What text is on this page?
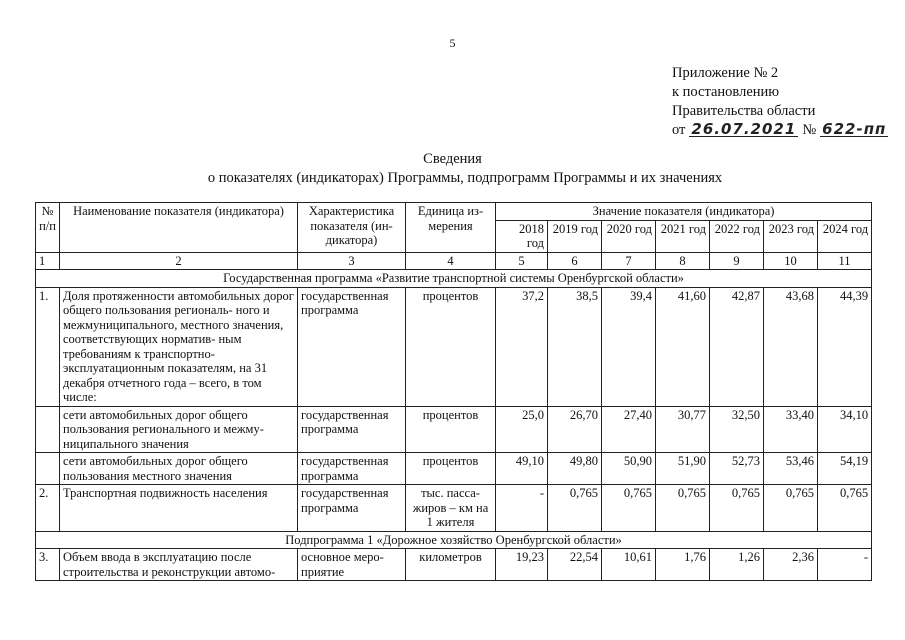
5
Приложение № 2
к постановлению
Правительства области
от 26.07.2021 № 622-пп
Сведения
о показателях (индикаторах) Программы, подпрограмм Программы и их значениях
№ п/п	Наименование показателя (индикатора)	Характеристика показателя (ин- дикатора)	Единица из- мерения	Значение показателя (индикатора)						
				2018 год	2019 год	2020 год	2021 год	2022 год	2023 год	2024 год
1	2	3	4	5	6	7	8	9	10	11
Государственная программа «Развитие транспортной системы Оренбургской области»										
1.	Доля протяженности автомобильных дорог общего пользования региональ- ного и межмуниципального, местного значения, соответствующих норматив- ным требованиям к транспортно- эксплуатационным показателям, на 31 декабря отчетного года – всего, в том числе:	государственная программа	процентов	37,2	38,5	39,4	41,60	42,87	43,68	44,39
	сети автомобильных дорог общего пользования регионального и межму- ниципального значения	государственная программа	процентов	25,0	26,70	27,40	30,77	32,50	33,40	34,10
	сети автомобильных дорог общего пользования местного значения	государственная программа	процентов	49,10	49,80	50,90	51,90	52,73	53,46	54,19
2.	Транспортная подвижность населения	государственная программа	тыс. пасса- жиров – км на 1 жителя	-	0,765	0,765	0,765	0,765	0,765	0,765
Подпрограмма 1 «Дорожное хозяйство Оренбургской области»										
3.	Объем ввода в эксплуатацию после строительства и реконструкции автомо-	основное меро- приятие	километров	19,23	22,54	10,61	1,76	1,26	2,36	-
